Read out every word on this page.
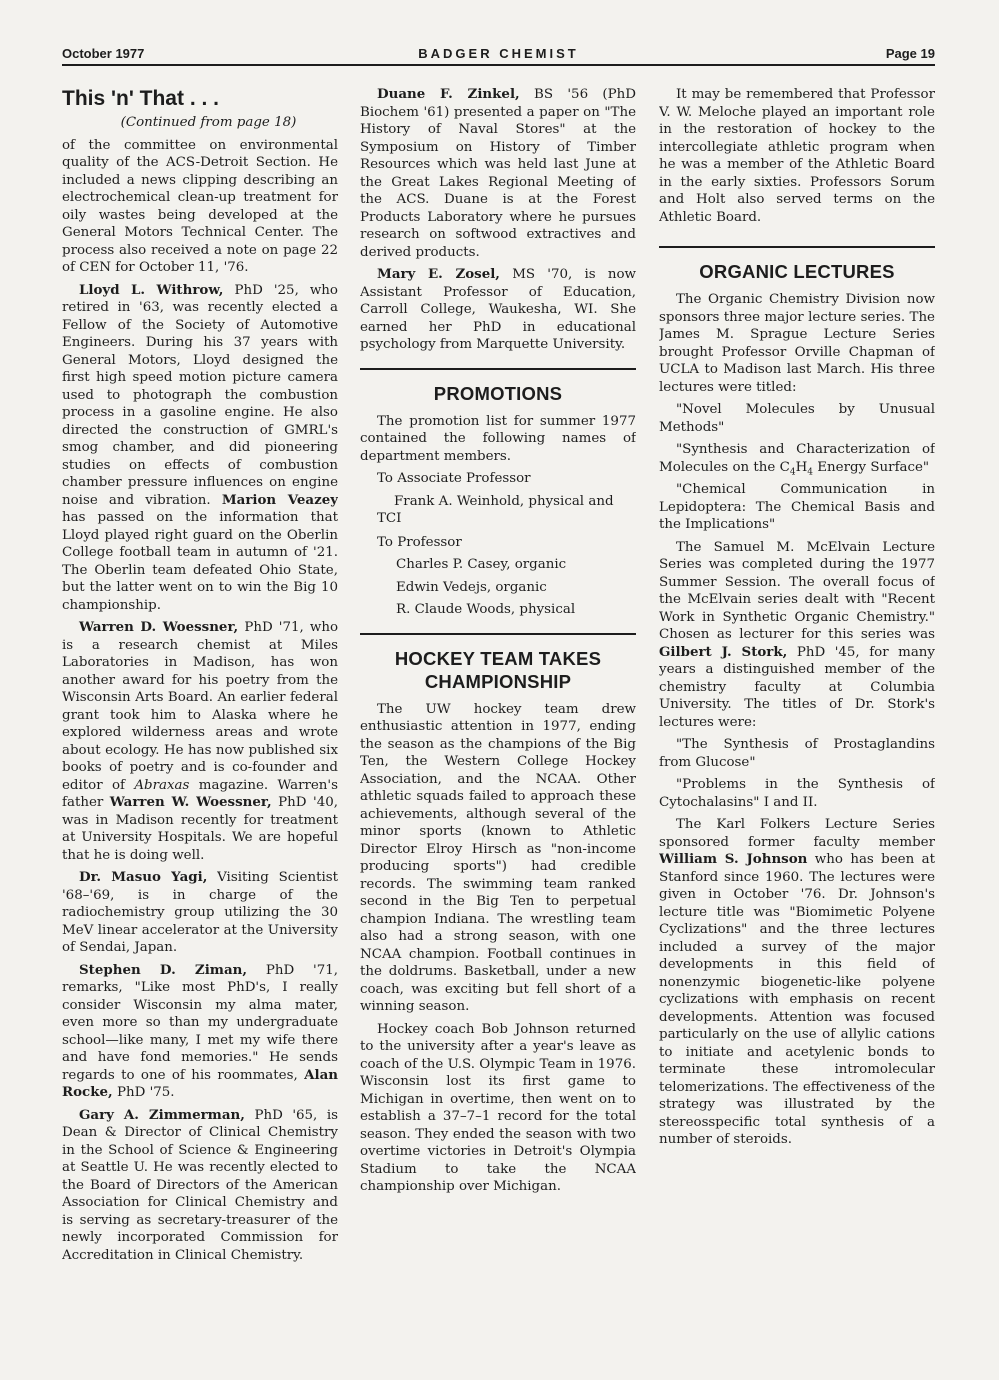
October 1977	BADGER CHEMIST	Page 19
This 'n' That . . .

(Continued from page 18)

of the committee on environmental quality of the ACS-Detroit Section. He included a news clipping describing an electrochemical clean-up treatment for oily wastes being developed at the General Motors Technical Center. The process also received a note on page 22 of CEN for October 11, '76.

Lloyd L. Withrow, PhD '25, who retired in '63, was recently elected a Fellow of the Society of Automotive Engineers. During his 37 years with General Motors, Lloyd designed the first high speed motion picture camera used to photograph the combustion process in a gasoline engine. He also directed the construction of GMRL's smog chamber, and did pioneering studies on effects of combustion chamber pressure influences on engine noise and vibration. Marion Veazey has passed on the information that Lloyd played right guard on the Oberlin College football team in autumn of '21. The Oberlin team defeated Ohio State, but the latter went on to win the Big 10 championship.

Warren D. Woessner, PhD '71, who is a research chemist at Miles Laboratories in Madison, has won another award for his poetry from the Wisconsin Arts Board. An earlier federal grant took him to Alaska where he explored wilderness areas and wrote about ecology. He has now published six books of poetry and is co-founder and editor of Abraxas magazine. Warren's father Warren W. Woessner, PhD '40, was in Madison recently for treatment at University Hospitals. We are hopeful that he is doing well.

Dr. Masuo Yagi, Visiting Scientist '68–'69, is in charge of the radiochemistry group utilizing the 30 MeV linear accelerator at the University of Sendai, Japan.

Stephen D. Ziman, PhD '71, remarks, "Like most PhD's, I really consider Wisconsin my alma mater, even more so than my undergraduate school—like many, I met my wife there and have fond memories." He sends regards to one of his roommates, Alan Rocke, PhD '75.

Gary A. Zimmerman, PhD '65, is Dean & Director of Clinical Chemistry in the School of Science & Engineering at Seattle U. He was recently elected to the Board of Directors of the American Association for Clinical Chemistry and is serving as secretary-treasurer of the newly incorporated Commission for Accreditation in Clinical Chemistry.

Duane F. Zinkel, BS '56 (PhD Biochem '61) presented a paper on "The History of Naval Stores" at the Symposium on History of Timber Resources which was held last June at the Great Lakes Regional Meeting of the ACS. Duane is at the Forest Products Laboratory where he pursues research on softwood extractives and derived products.

Mary E. Zosel, MS '70, is now Assistant Professor of Education, Carroll College, Waukesha, WI. She earned her PhD in educational psychology from Marquette University.

PROMOTIONS

The promotion list for summer 1977 contained the following names of department members.

To Associate Professor

Frank A. Weinhold, physical and TCI

To Professor

Charles P. Casey, organic

Edwin Vedejs, organic

R. Claude Woods, physical

HOCKEY TEAM TAKES CHAMPIONSHIP

The UW hockey team drew enthusiastic attention in 1977, ending the season as the champions of the Big Ten, the Western College Hockey Association, and the NCAA. Other athletic squads failed to approach these achievements, although several of the minor sports (known to Athletic Director Elroy Hirsch as "non-income producing sports") had credible records. The swimming team ranked second in the Big Ten to perpetual champion Indiana. The wrestling team also had a strong season, with one NCAA champion. Football continues in the doldrums. Basketball, under a new coach, was exciting but fell short of a winning season.

Hockey coach Bob Johnson returned to the university after a year's leave as coach of the U.S. Olympic Team in 1976. Wisconsin lost its first game to Michigan in overtime, then went on to establish a 37–7–1 record for the total season. They ended the season with two overtime victories in Detroit's Olympia Stadium to take the NCAA championship over Michigan.

It may be remembered that Professor V. W. Meloche played an important role in the restoration of hockey to the intercollegiate athletic program when he was a member of the Athletic Board in the early sixties. Professors Sorum and Holt also served terms on the Athletic Board.

ORGANIC LECTURES

The Organic Chemistry Division now sponsors three major lecture series. The James M. Sprague Lecture Series brought Professor Orville Chapman of UCLA to Madison last March. His three lectures were titled:

"Novel Molecules by Unusual Methods"

"Synthesis and Characterization of Molecules on the $C_4H_4$ Energy Surface"

"Chemical Communication in Lepidoptera: The Chemical Basis and the Implications"

The Samuel M. McElvain Lecture Series was completed during the 1977 Summer Session. The overall focus of the McElvain series dealt with "Recent Work in Synthetic Organic Chemistry." Chosen as lecturer for this series was Gilbert J. Stork, PhD '45, for many years a distinguished member of the chemistry faculty at Columbia University. The titles of Dr. Stork's lectures were:

"The Synthesis of Prostaglandins from Glucose"

"Problems in the Synthesis of Cytochalasins" I and II.

The Karl Folkers Lecture Series sponsored former faculty member William S. Johnson who has been at Stanford since 1960. The lectures were given in October '76. Dr. Johnson's lecture title was "Biomimetic Polyene Cyclizations" and the three lectures included a survey of the major developments in this field of nonenzymic biogenetic-like polyene cyclizations with emphasis on recent developments. Attention was focused particularly on the use of allylic cations to initiate and acetylenic bonds to terminate these intromolecular telomerizations. The effectiveness of the strategy was illustrated by the stereosspecific total synthesis of a number of steroids.
